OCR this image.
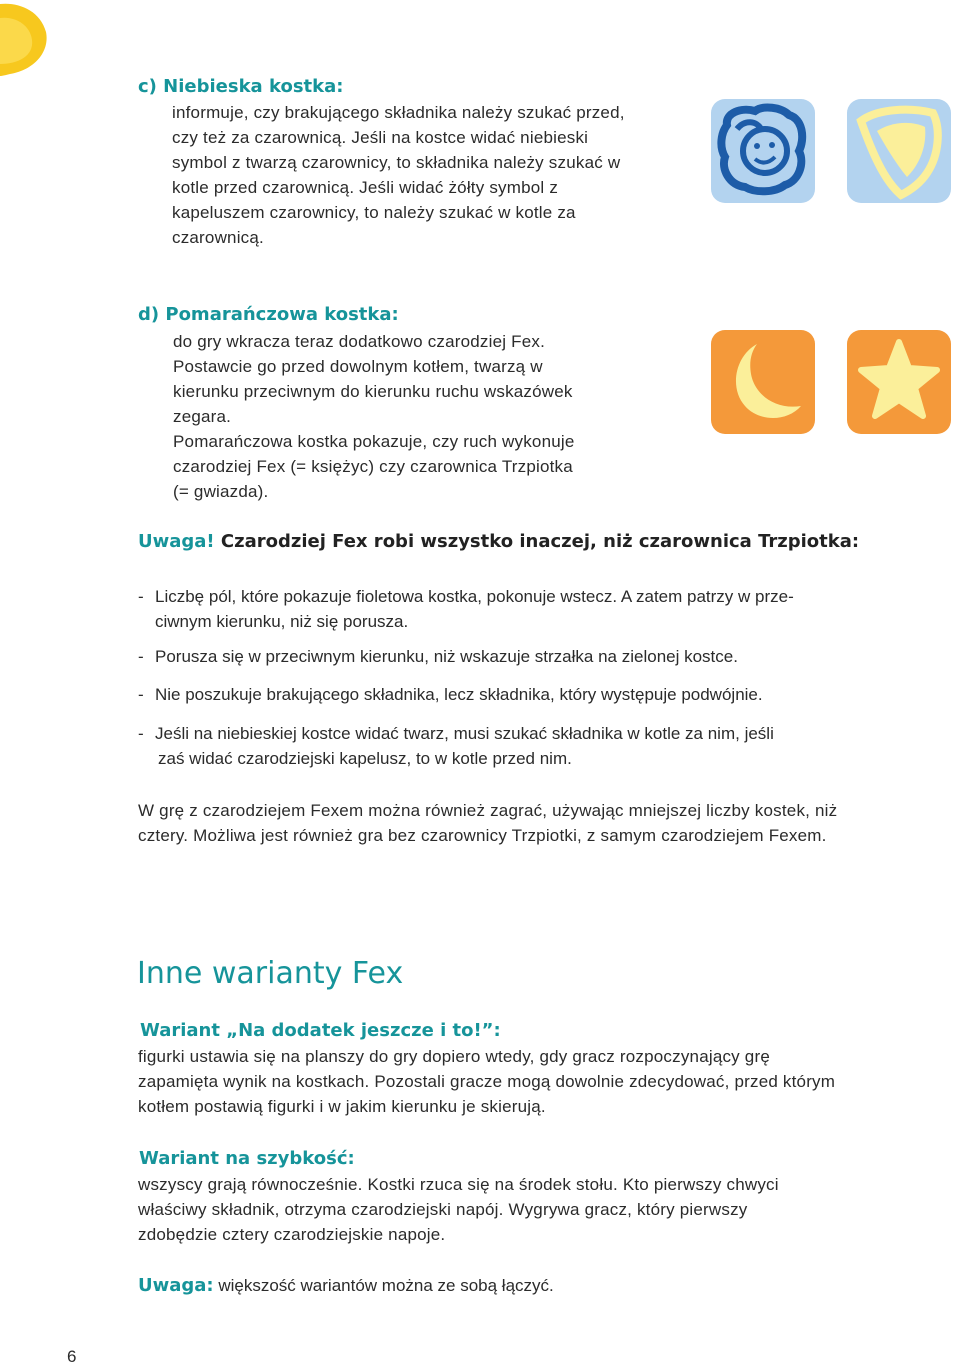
c) Niebieska kostka:

informuje, czy brakującego składnika należy szukać przed,

czy też za czarownicą. Jeśli na kostce widać niebieski

symbol z twarzą czarownicy, to składnika należy szukać w

kotle przed czarownicą. Jeśli widać żółty symbol z

kapeluszem czarownicy, to należy szukać w kotle za

czarownicą.

d) Pomarańczowa kostka:

do gry wkracza teraz dodatkowo czarodziej Fex.

Postawcie go przed dowolnym kotłem, twarzą w

kierunku przeciwnym do kierunku ruchu wskazówek

zegara.

Pomarańczowa kostka pokazuje, czy ruch wykonuje

czarodziej Fex (= księżyc) czy czarownica Trzpiotka

(= gwiazda).

Uwaga! Czarodziej Fex robi wszystko inaczej, niż czarownica Trzpiotka:
- Liczbę pól, które pokazuje fioletowa kostka, pokonuje wstecz. A zatem patrzy w prze-
ciwnym kierunku, niż się porusza.
- Porusza się w przeciwnym kierunku, niż wskazuje strzałka na zielonej kostce.
- Nie poszukuje brakującego składnika, lecz składnika, który występuje podwójnie.
- Jeśli na niebieskiej kostce widać twarz, musi szukać składnika w kotle za nim, jeśli
zaś widać czarodziejski kapelusz, to w kotle przed nim.

W grę z czarodziejem Fexem można również zagrać, używając mniejszej liczby kostek, niż

cztery. Możliwa jest również gra bez czarownicy Trzpiotki, z samym czarodziejem Fexem.

Inne warianty Fex
Wariant „Na dodatek jeszcze i to!”:

figurki ustawia się na planszy do gry dopiero wtedy, gdy gracz rozpoczynający grę

zapamięta wynik na kostkach. Pozostali gracze mogą dowolnie zdecydować, przed którym

kotłem postawią figurki i w jakim kierunku je skierują.

Wariant na szybkość:

wszyscy grają równocześnie. Kostki rzuca się na środek stołu. Kto pierwszy chwyci

właściwy składnik, otrzyma czarodziejski napój. Wygrywa gracz, który pierwszy

zdobędzie cztery czarodziejskie napoje.

Uwaga: większość wariantów można ze sobą łączyć.
6
